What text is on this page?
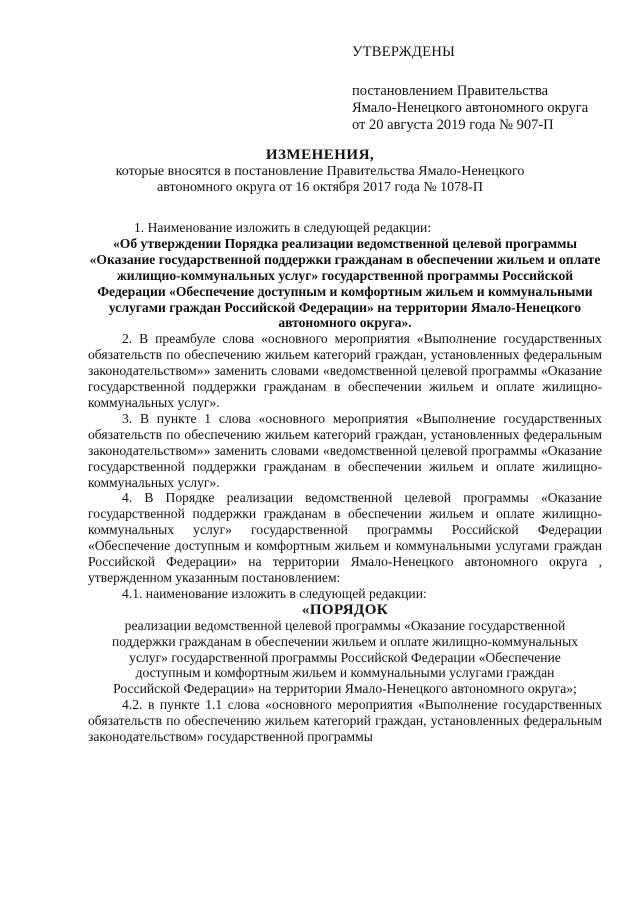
УТВЕРЖДЕНЫ
постановлением Правительства
Ямало-Ненецкого автономного округа
от 20 августа 2019 года № 907-П
ИЗМЕНЕНИЯ,
которые вносятся в постановление Правительства Ямало-Ненецкого
автономного округа от 16 октября 2017 года № 1078-П

1. Наименование изложить в следующей редакции:

«Об утверждении Порядка реализации ведомственной целевой программы «Оказание государственной поддержки гражданам в обеспечении жильем и оплате жилищно-коммунальных услуг» государственной программы Российской Федерации «Обеспечение доступным и комфортным жильем и коммунальными услугами граждан Российской Федерации» на территории Ямало-Ненецкого автономного округа».

2. В преамбуле слова «основного мероприятия «Выполнение государственных обязательств по обеспечению жильем категорий граждан, установленных федеральным законодательством»» заменить словами «ведомственной целевой программы «Оказание государственной поддержки гражданам в обеспечении жильем и оплате жилищно-коммунальных услуг».

3. В пункте 1 слова «основного мероприятия «Выполнение государственных обязательств по обеспечению жильем категорий граждан, установленных федеральным законодательством»» заменить словами «ведомственной целевой программы «Оказание государственной поддержки гражданам в обеспечении жильем и оплате жилищно-коммунальных услуг».

4. В Порядке реализации ведомственной целевой программы «Оказание государственной поддержки гражданам в обеспечении жильем и оплате жилищно-коммунальных услуг» государственной программы Российской Федерации «Обеспечение доступным и комфортным жильем и коммунальными услугами граждан Российской Федерации» на территории Ямало-Ненецкого автономного округа , утвержденном указанным постановлением:

4.1. наименование изложить в следующей редакции:

«ПОРЯДОК

реализации ведомственной целевой программы «Оказание государственной

поддержки гражданам в обеспечении жильем и оплате жилищно-коммунальных

услуг» государственной программы Российской Федерации «Обеспечение

доступным и комфортным жильем и коммунальными услугами граждан

Российской Федерации» на территории Ямало-Ненецкого автономного округа»;

4.2. в пункте 1.1 слова «основного мероприятия «Выполнение государственных обязательств по обеспечению жильем категорий граждан, установленных федеральным законодательством» государственной программы
